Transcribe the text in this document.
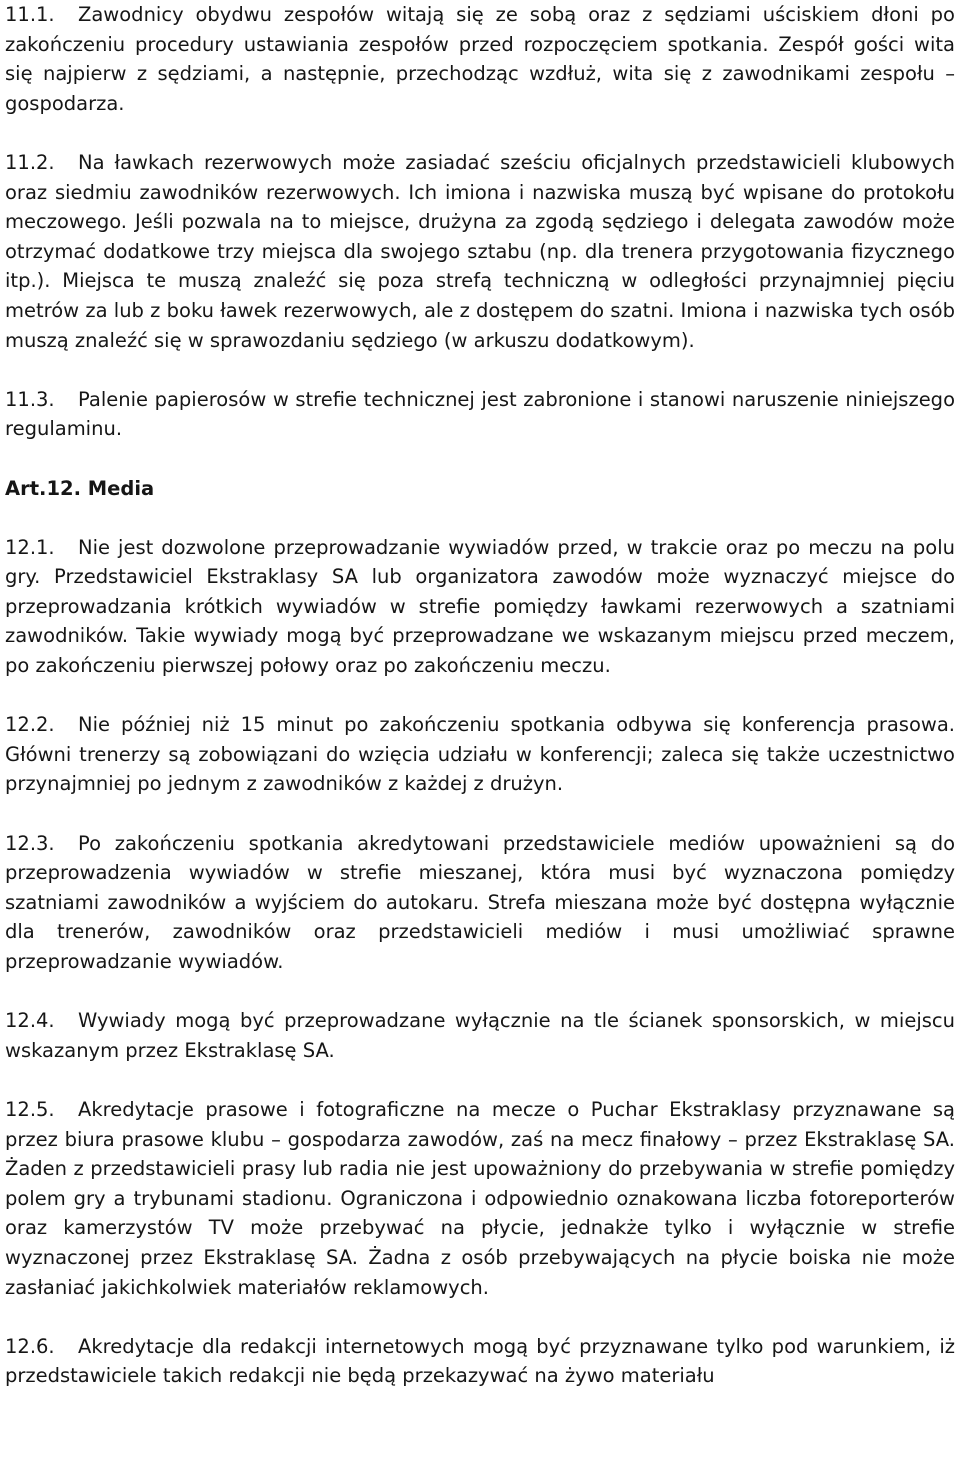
11.1. Zawodnicy obydwu zespołów witają się ze sobą oraz z sędziami uściskiem dłoni po zakończeniu procedury ustawiania zespołów przed rozpoczęciem spotkania. Zespół gości wita się najpierw z sędziami, a następnie, przechodząc wzdłuż, wita się z zawodnikami zespołu – gospodarza.

11.2. Na ławkach rezerwowych może zasiadać sześciu oficjalnych przedstawicieli klubowych oraz siedmiu zawodników rezerwowych. Ich imiona i nazwiska muszą być wpisane do protokołu meczowego. Jeśli pozwala na to miejsce, drużyna za zgodą sędziego i delegata zawodów może otrzymać dodatkowe trzy miejsca dla swojego sztabu (np. dla trenera przygotowania fizycznego itp.). Miejsca te muszą znaleźć się poza strefą techniczną w odległości przynajmniej pięciu metrów za lub z boku ławek rezerwowych, ale z dostępem do szatni. Imiona i nazwiska tych osób muszą znaleźć się w sprawozdaniu sędziego (w arkuszu dodatkowym).

11.3. Palenie papierosów w strefie technicznej jest zabronione i stanowi naruszenie niniejszego regulaminu.

Art.12. Media

12.1. Nie jest dozwolone przeprowadzanie wywiadów przed, w trakcie oraz po meczu na polu gry. Przedstawiciel Ekstraklasy SA lub organizatora zawodów może wyznaczyć miejsce do przeprowadzania krótkich wywiadów w strefie pomiędzy ławkami rezerwowych a szatniami zawodników. Takie wywiady mogą być przeprowadzane we wskazanym miejscu przed meczem, po zakończeniu pierwszej połowy oraz po zakończeniu meczu.

12.2. Nie później niż 15 minut po zakończeniu spotkania odbywa się konferencja prasowa. Główni trenerzy są zobowiązani do wzięcia udziału w konferencji; zaleca się także uczestnictwo przynajmniej po jednym z zawodników z każdej z drużyn.

12.3. Po zakończeniu spotkania akredytowani przedstawiciele mediów upoważnieni są do przeprowadzenia wywiadów w strefie mieszanej, która musi być wyznaczona pomiędzy szatniami zawodników a wyjściem do autokaru. Strefa mieszana może być dostępna wyłącznie dla trenerów, zawodników oraz przedstawicieli mediów i musi umożliwiać sprawne przeprowadzanie wywiadów.

12.4. Wywiady mogą być przeprowadzane wyłącznie na tle ścianek sponsorskich, w miejscu wskazanym przez Ekstraklasę SA.

12.5. Akredytacje prasowe i fotograficzne na mecze o Puchar Ekstraklasy przyznawane są przez biura prasowe klubu – gospodarza zawodów, zaś na mecz finałowy – przez Ekstraklasę SA. Żaden z przedstawicieli prasy lub radia nie jest upoważniony do przebywania w strefie pomiędzy polem gry a trybunami stadionu. Ograniczona i odpowiednio oznakowana liczba fotoreporterów oraz kamerzystów TV może przebywać na płycie, jednakże tylko i wyłącznie w strefie wyznaczonej przez Ekstraklasę SA. Żadna z osób przebywających na płycie boiska nie może zasłaniać jakichkolwiek materiałów reklamowych.

12.6. Akredytacje dla redakcji internetowych mogą być przyznawane tylko pod warunkiem, iż przedstawiciele takich redakcji nie będą przekazywać na żywo materiału
